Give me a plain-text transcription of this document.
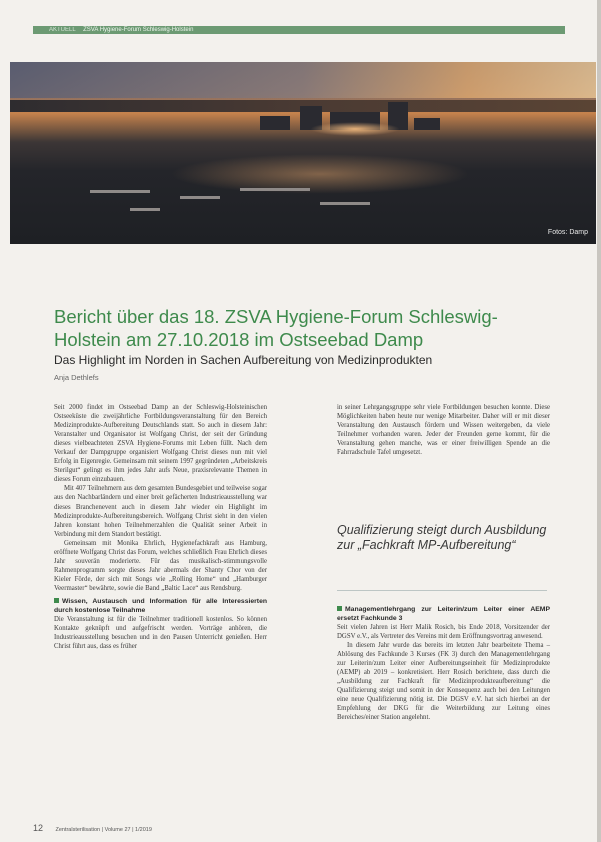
AKTUELL ZSVA Hygiene-Forum Schleswig-Holstein
Fotos: Damp
Bericht über das 18. ZSVA Hygiene-Forum Schleswig-Holstein am 27.10.2018 im Ostseebad Damp
Das Highlight im Norden in Sachen Aufbereitung von Medizinprodukten
Anja Dethlefs

Seit 2000 findet im Ostseebad Damp an der Schleswig-Holsteinischen Ostseeküste die zweijährliche Fortbildungsveranstaltung für den Bereich Medizinprodukte-Aufbereitung Deutschlands statt. So auch in diesem Jahr: Veranstalter und Organisator ist Wolfgang Christ, der seit der Gründung dieses vielbeachteten ZSVA Hygiene-Forums mit Leben füllt. Nach dem Verkauf der Dampgruppe organisiert Wolfgang Christ dieses nun mit viel Erfolg in Eigenregie. Gemeinsam mit seinem 1997 gegründeten „Arbeitskreis Sterilgut“ gelingt es ihm jedes Jahr aufs Neue, praxisrelevante Themen in dieses Forum einzubauen.

Mit 407 Teilnehmern aus dem gesamten Bundesgebiet und teilweise sogar aus den Nachbarländern und einer breit gefächerten Industrieausstellung war dieses Branchenevent auch in diesem Jahr wieder ein Highlight im Medizinprodukte-Aufbereitungsbereich. Wolfgang Christ sieht in den vielen Jahren konstant hohen Teilnehmerzahlen die Qualität seiner Arbeit in Verbindung mit dem Standort bestätigt.

Gemeinsam mit Monika Ehrlich, Hygienefachkraft aus Hamburg, eröffnete Wolfgang Christ das Forum, welches schließlich Frau Ehrlich dieses Jahr souverän moderierte. Für das musikalisch-stimmungsvolle Rahmenprogramm sorgte dieses Jahr abermals der Shanty Chor von der Kieler Förde, der sich mit Songs wie „Rolling Home“ und „Hamburger Veermaster“ bewährte, sowie die Band „Baltic Lace“ aus Rendsburg.

Wissen, Austausch und Information für alle Interessierten durch kostenlose Teilnahme

Die Veranstaltung ist für die Teilnehmer traditionell kostenlos. So können Kontakte geknüpft und aufgefrischt werden. Vorträge anhören, die Industrieausstellung besuchen und in den Pausen Unterricht genießen. Herr Christ führt aus, dass es früher

in seiner Lehrgangsgruppe sehr viele Fortbildungen besuchen konnte. Diese Möglichkeiten haben heute nur wenige Mitarbeiter. Daher will er mit dieser Veranstaltung den Austausch fördern und Wissen weitergeben, da viele Teilnehmer vorhanden waren. Jeder der Freunden gerne kommt, für die Veranstaltung gehen manche, was er einer freiwilligen Spende an die Fahrradschule Tafel umgesetzt.

Qualifizierung steigt durch Ausbildung zur „Fachkraft MP-Aufbereitung“
Managementlehrgang zur Leiterin/zum Leiter einer AEMP ersetzt Fachkunde 3

Seit vielen Jahren ist Herr Malik Rosich, bis Ende 2018, Vorsitzender der DGSV e.V., als Vertreter des Vereins mit dem Eröffnungsvortrag anwesend.

In diesem Jahr wurde das bereits im letzten Jahr bearbeitete Thema – Ablösung des Fachkunde 3 Kurses (FK 3) durch den Managementlehrgang zur Leiterin/zum Leiter einer Aufbereitungseinheit für Medizinprodukte (AEMP) ab 2019 – konkretisiert. Herr Rosich berichtete, dass durch die „Ausbildung zur Fachkraft für Medizinprodukteaufbereitung“ die Qualifizierung steigt und somit in der Konsequenz auch bei den Leitungen eine neue Qualifizierung nötig ist. Die DGSV e.V. hat sich hierbei an der Empfehlung der DKG für die Weiterbildung zur Leitung eines Bereiches/einer Station angelehnt.

12 Zentralsterilisation | Volume 27 | 1/2019
